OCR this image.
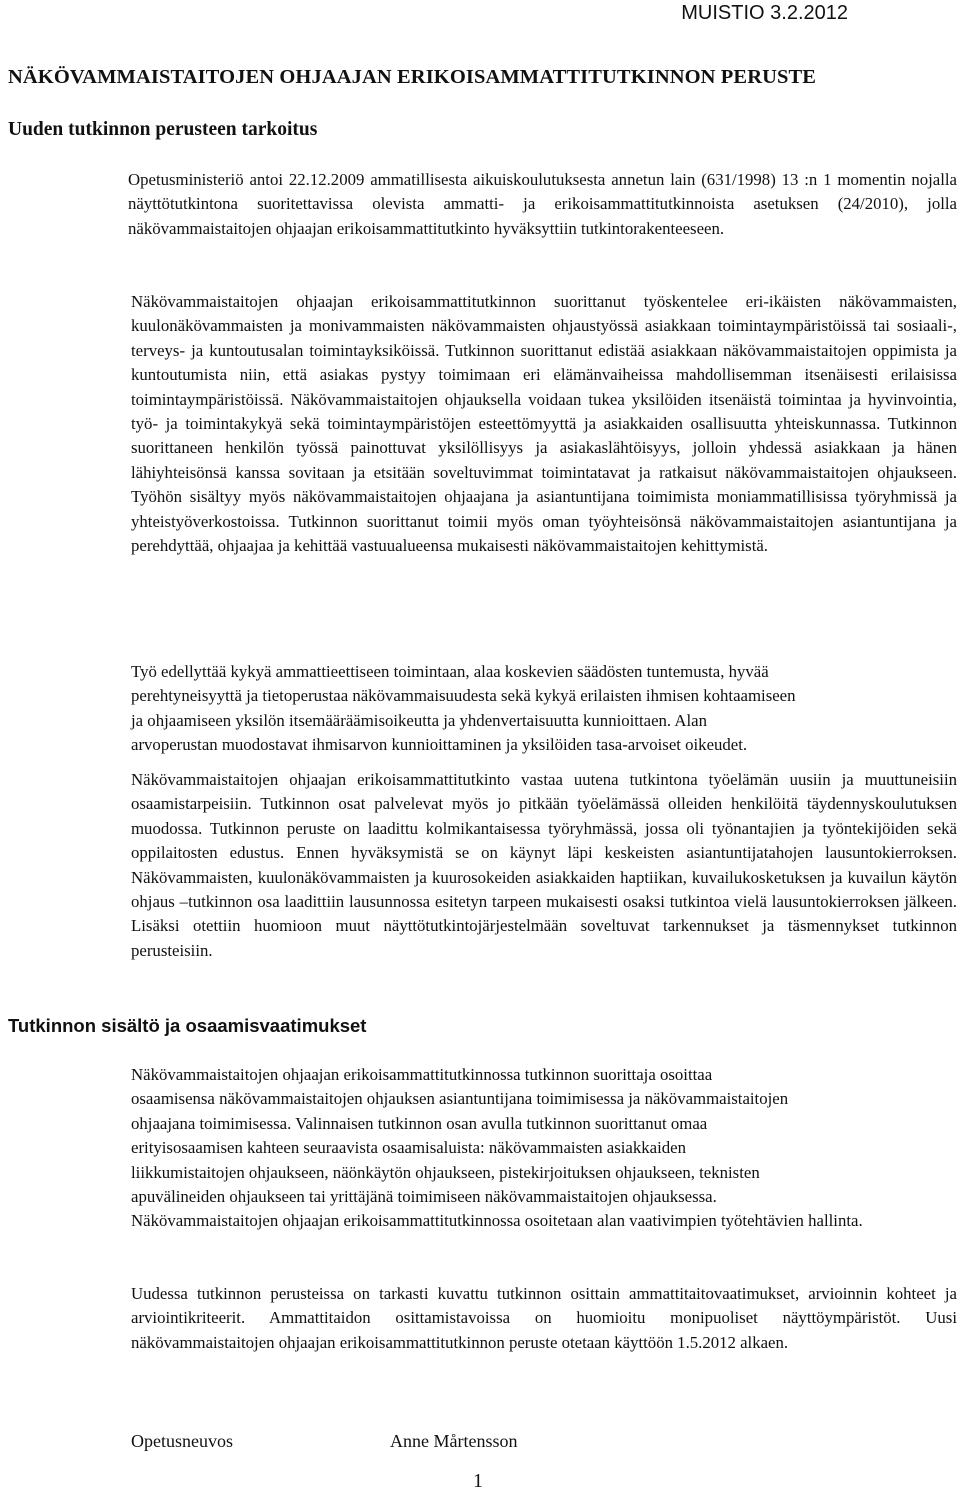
MUISTIO 3.2.2012
NÄKÖVAMMAISTAITOJEN OHJAAJAN ERIKOISAMMATTITUTKINNON PERUSTE
Uuden tutkinnon perusteen tarkoitus

Opetusministeriö antoi 22.12.2009 ammatillisesta aikuiskoulutuksesta annetun lain (631/1998) 13 :n 1 momentin nojalla näyttötutkintona suoritettavissa olevista ammatti- ja erikoisammattitutkinnoista asetuksen (24/2010), jolla näkövammaistaitojen ohjaajan erikoisammattitutkinto hyväksyttiin tutkintorakenteeseen.

Näkövammaistaitojen ohjaajan erikoisammattitutkinnon suorittanut työskentelee eri-ikäisten näkövammaisten, kuulonäkövammaisten ja monivammaisten näkövammaisten ohjaustyössä asiakkaan toimintaympäristöissä tai sosiaali-, terveys- ja kuntoutusalan toimintayksiköissä. Tutkinnon suorittanut edistää asiakkaan näkövammaistaitojen oppimista ja kuntoutumista niin, että asiakas pystyy toimimaan eri elämänvaiheissa mahdollisemman itsenäisesti erilaisissa toimintaympäristöissä. Näkövammaistaitojen ohjauksella voidaan tukea yksilöiden itsenäistä toimintaa ja hyvinvointia, työ- ja toimintakykyä sekä toimintaympäristöjen esteettömyyttä ja asiakkaiden osallisuutta yhteiskunnassa. Tutkinnon suorittaneen henkilön työssä painottuvat yksilöllisyys ja asiakaslähtöisyys, jolloin yhdessä asiakkaan ja hänen lähiyhteisönsä kanssa sovitaan ja etsitään soveltuvimmat toimintatavat ja ratkaisut näkövammaistaitojen ohjaukseen. Työhön sisältyy myös näkövammaistaitojen ohjaajana ja asiantuntijana toimimista moniammatillisissa työryhmissä ja yhteistyöverkostoissa. Tutkinnon suorittanut toimii myös oman työyhteisönsä näkövammaistaitojen asiantuntijana ja perehdyttää, ohjaajaa ja kehittää vastuualueensa mukaisesti näkövammaistaitojen kehittymistä.

Työ edellyttää kykyä ammattieettiseen toimintaan, alaa koskevien säädösten tuntemusta, hyvää
perehtyneisyyttä ja tietoperustaa näkövammaisuudesta sekä kykyä erilaisten ihmisen kohtaamiseen
ja ohjaamiseen yksilön itsemääräämisoikeutta ja yhdenvertaisuutta kunnioittaen. Alan
arvoperustan muodostavat ihmisarvon kunnioittaminen ja yksilöiden tasa-arvoiset oikeudet.

Näkövammaistaitojen ohjaajan erikoisammattitutkinto vastaa uutena tutkintona työelämän uusiin ja muuttuneisiin osaamistarpeisiin. Tutkinnon osat palvelevat myös jo pitkään työelämässä olleiden henkilöitä täydennyskoulutuksen muodossa. Tutkinnon peruste on laadittu kolmikantaisessa työryhmässä, jossa oli työnantajien ja työntekijöiden sekä oppilaitosten edustus. Ennen hyväksymistä se on käynyt läpi keskeisten asiantuntijatahojen lausuntokierroksen. Näkövammaisten, kuulonäkövammaisten ja kuurosokeiden asiakkaiden haptiikan, kuvailukosketuksen ja kuvailun käytön ohjaus –tutkinnon osa laadittiin lausunnossa esitetyn tarpeen mukaisesti osaksi tutkintoa vielä lausuntokierroksen jälkeen. Lisäksi otettiin huomioon muut näyttötutkintojärjestelmään soveltuvat tarkennukset ja täsmennykset tutkinnon perusteisiin.

Tutkinnon sisältö ja osaamisvaatimukset
Näkövammaistaitojen ohjaajan erikoisammattitutkinnossa tutkinnon suorittaja osoittaa
osaamisensa näkövammaistaitojen ohjauksen asiantuntijana toimimisessa ja näkövammaistaitojen
ohjaajana toimimisessa. Valinnaisen tutkinnon osan avulla tutkinnon suorittanut omaa
erityisosaamisen kahteen seuraavista osaamisaluista: näkövammaisten asiakkaiden
liikkumistaitojen ohjaukseen, näönkäytön ohjaukseen, pistekirjoituksen ohjaukseen, teknisten
apuvälineiden ohjaukseen tai yrittäjänä toimimiseen näkövammaistaitojen ohjauksessa.
Näkövammaistaitojen ohjaajan erikoisammattitutkinnossa osoitetaan alan vaativimpien työtehtävien hallinta.

Uudessa tutkinnon perusteissa on tarkasti kuvattu tutkinnon osittain ammattitaitovaatimukset, arvioinnin kohteet ja arviointikriteerit. Ammattitaidon osittamistavoissa on huomioitu monipuoliset näyttöympäristöt. Uusi näkövammaistaitojen ohjaajan erikoisammattitutkinnon peruste otetaan käyttöön 1.5.2012 alkaen.

Opetusneuvos	Anne Mårtensson
1
